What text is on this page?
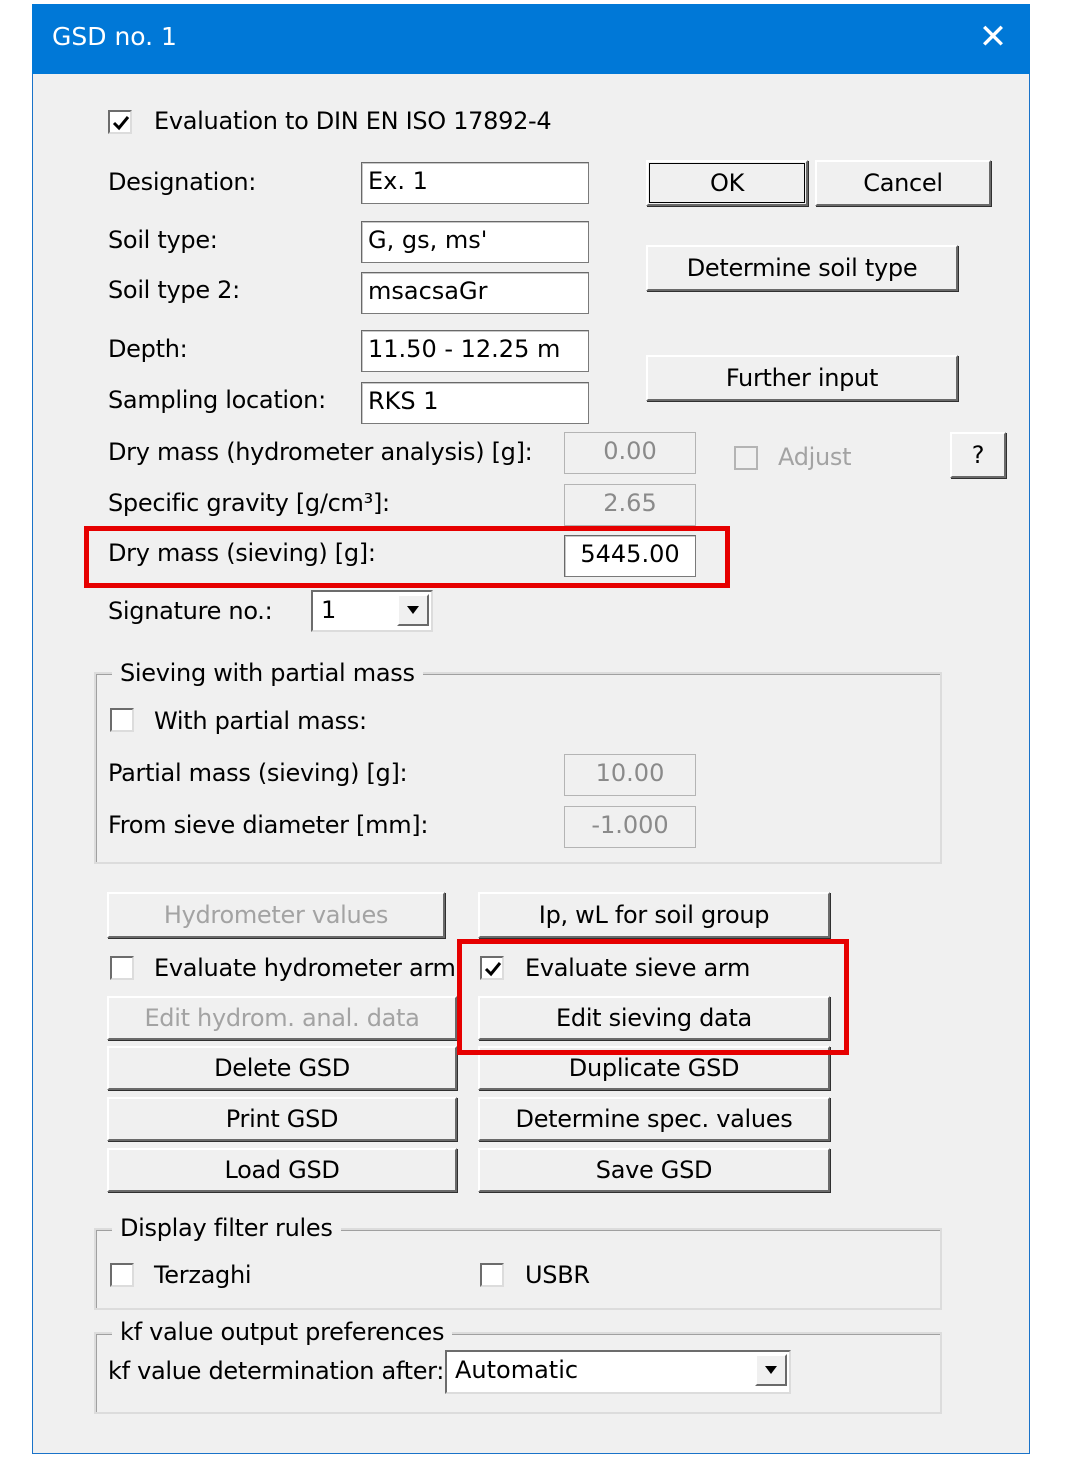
GSD no. 1	✕
Evaluation to DIN EN ISO 17892-4
Designation:	Ex. 1
Soil type:	G, gs, ms'
Soil type 2:	msacsaGr
Depth:	11.50 - 12.25 m
Sampling location: RKS 1
Dry mass (hydrometer analysis) [g]:	0.00
Specific gravity [g/cm³]:	2.65
Dry mass (sieving) [g]:	5445.00
Signature no.: 1
OK	Cancel
Determine soil type
Further input
Adjust	?
Sieving with partial mass
With partial mass:
Partial mass (sieving) [g]:	10.00
From sieve diameter [mm]:	-1.000
Hydrometer values	Ip, wL for soil group
Evaluate hydrometer arm	Evaluate sieve arm
Edit hydrom. anal. data	Edit sieving data
Delete GSD	Duplicate GSD
Print GSD	Determine spec. values
Load GSD	Save GSD
Display filter rules
Terzaghi	USBR
kf value output preferences
kf value determination after: Automatic
